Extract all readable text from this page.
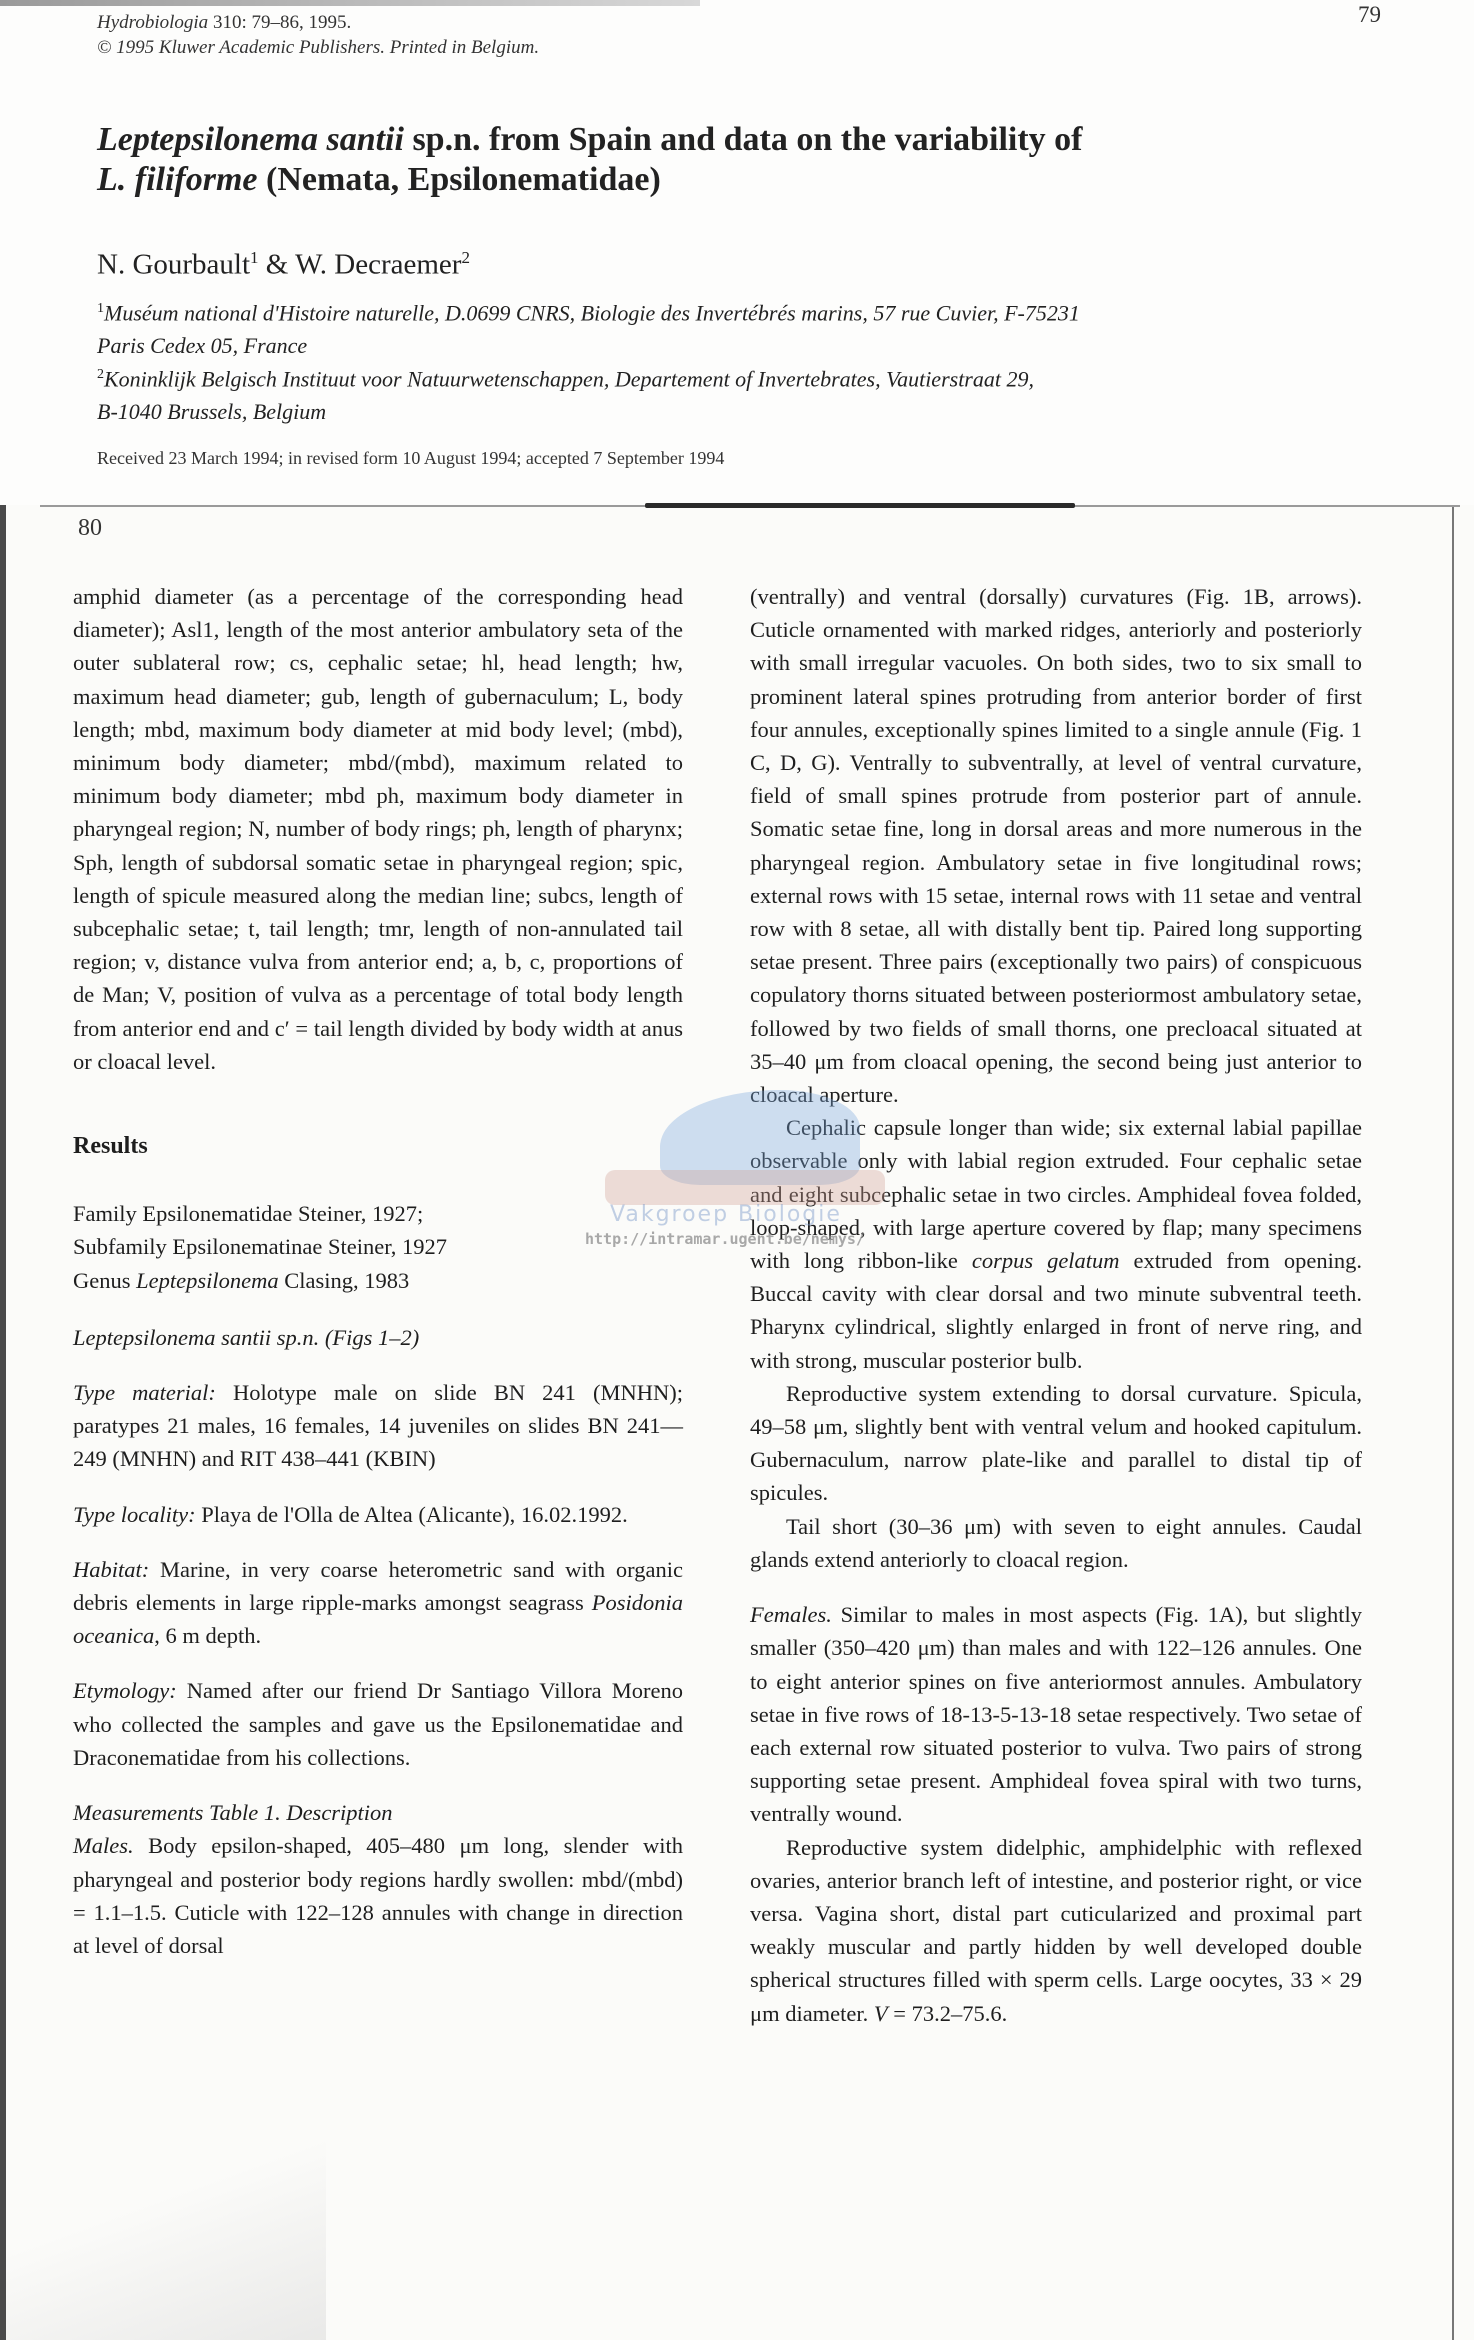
Hydrobiologia 310: 79–86, 1995.
© 1995 Kluwer Academic Publishers. Printed in Belgium.
79
Leptepsilonema santii sp.n. from Spain and data on the variability of
L. filiforme (Nemata, Epsilonematidae)
N. Gourbault$^1$ & W. Decraemer$^2$
$^1$Muséum national d'Histoire naturelle, D.0699 CNRS, Biologie des Invertébrés marins, 57 rue Cuvier, F-75231
Paris Cedex 05, France
$^2$Koninklijk Belgisch Instituut voor Natuurwetenschappen, Departement of Invertebrates, Vautierstraat 29,
B-1040 Brussels, Belgium
Received 23 March 1994; in revised form 10 August 1994; accepted 7 September 1994
80

amphid diameter (as a percentage of the corresponding head diameter); Asl1, length of the most anterior ambulatory seta of the outer sublateral row; cs, cephalic setae; hl, head length; hw, maximum head diameter; gub, length of gubernaculum; L, body length; mbd, maximum body diameter at mid body level; (mbd), minimum body diameter; mbd/(mbd), maximum related to minimum body diameter; mbd ph, maximum body diameter in pharyngeal region; N, number of body rings; ph, length of pharynx; Sph, length of subdorsal somatic setae in pharyngeal region; spic, length of spicule measured along the median line; subcs, length of subcephalic setae; t, tail length; tmr, length of non-annulated tail region; v, distance vulva from anterior end; a, b, c, proportions of de Man; V, position of vulva as a percentage of total body length from anterior end and c′ = tail length divided by body width at anus or cloacal level.

Results

Family Epsilonematidae Steiner, 1927;

Subfamily Epsilonematinae Steiner, 1927

Genus Leptepsilonema Clasing, 1983

Leptepsilonema santii sp.n. (Figs 1–2)

Type material: Holotype male on slide BN 241 (MNHN); paratypes 21 males, 16 females, 14 juveniles on slides BN 241—249 (MNHN) and RIT 438–441 (KBIN)

Type locality: Playa de l'Olla de Altea (Alicante), 16.02.1992.

Habitat: Marine, in very coarse heterometric sand with organic debris elements in large ripple-marks amongst seagrass Posidonia oceanica, 6 m depth.

Etymology: Named after our friend Dr Santiago Villora Moreno who collected the samples and gave us the Epsilonematidae and Draconematidae from his collections.

Measurements Table 1. Description

Males. Body epsilon-shaped, 405–480 μm long, slender with pharyngeal and posterior body regions hardly swollen: mbd/(mbd) = 1.1–1.5. Cuticle with 122–128 annules with change in direction at level of dorsal

(ventrally) and ventral (dorsally) curvatures (Fig. 1B, arrows). Cuticle ornamented with marked ridges, anteriorly and posteriorly with small irregular vacuoles. On both sides, two to six small to prominent lateral spines protruding from anterior border of first four annules, exceptionally spines limited to a single annule (Fig. 1 C, D, G). Ventrally to subventrally, at level of ventral curvature, field of small spines protrude from posterior part of annule. Somatic setae fine, long in dorsal areas and more numerous in the pharyngeal region. Ambulatory setae in five longitudinal rows; external rows with 15 setae, internal rows with 11 setae and ventral row with 8 setae, all with distally bent tip. Paired long supporting setae present. Three pairs (exceptionally two pairs) of conspicuous copulatory thorns situated between posteriormost ambulatory setae, followed by two fields of small thorns, one precloacal situated at 35–40 μm from cloacal opening, the second being just anterior to cloacal aperture.

Cephalic capsule longer than wide; six external labial papillae observable only with labial region extruded. Four cephalic setae and eight subcephalic setae in two circles. Amphideal fovea folded, loop-shaped, with large aperture covered by flap; many specimens with long ribbon-like corpus gelatum extruded from opening. Buccal cavity with clear dorsal and two minute subventral teeth. Pharynx cylindrical, slightly enlarged in front of nerve ring, and with strong, muscular posterior bulb.

Reproductive system extending to dorsal curvature. Spicula, 49–58 μm, slightly bent with ventral velum and hooked capitulum. Gubernaculum, narrow plate-like and parallel to distal tip of spicules.

Tail short (30–36 μm) with seven to eight annules. Caudal glands extend anteriorly to cloacal region.

Females. Similar to males in most aspects (Fig. 1A), but slightly smaller (350–420 μm) than males and with 122–126 annules. One to eight anterior spines on five anteriormost annules. Ambulatory setae in five rows of 18-13-5-13-18 setae respectively. Two setae of each external row situated posterior to vulva. Two pairs of strong supporting setae present. Amphideal fovea spiral with two turns, ventrally wound.

Reproductive system didelphic, amphidelphic with reflexed ovaries, anterior branch left of intestine, and posterior right, or vice versa. Vagina short, distal part cuticularized and proximal part weakly muscular and partly hidden by well developed double spherical structures filled with sperm cells. Large oocytes, 33 × 29 μm diameter. V = 73.2–75.6.

Vakgroep Biologie
http://intramar.ugent.be/nemys/
